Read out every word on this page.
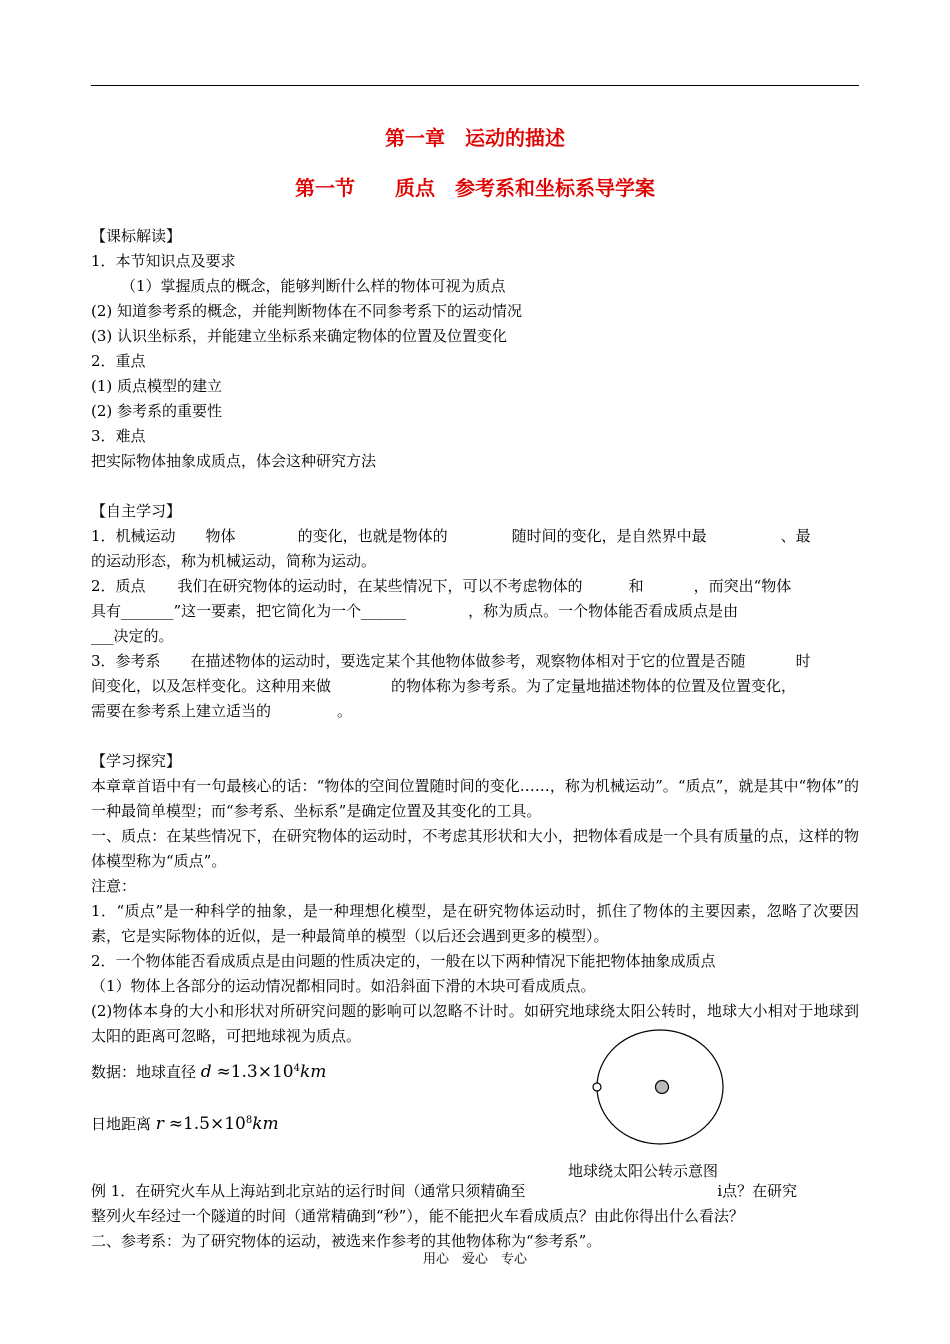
第一章　运动的描述
第一节　　质点　参考系和坐标系导学案
【课标解读】
1．本节知识点及要求
（1）掌握质点的概念，能够判断什么样的物体可视为质点
(2) 知道参考系的概念，并能判断物体在不同参考系下的运动情况
(3) 认识坐标系，并能建立坐标系来确定物体的位置及位置变化
2．重点
(1) 质点模型的建立
(2) 参考系的重要性
3．难点
把实际物体抽象成质点，体会这种研究方法
【自主学习】
1．机械运动 物体	的变化，也就是物体的	随时间的变化，是自然界中最	、最
的运动形态，称为机械运动，简称为运动。
2．质点 我们在研究物体的运动时，在某些情况下，可以不考虑物体的	和	，而突出“物体
具有_______”这一要素，把它简化为一个______	，称为质点。一个物体能否看成质点是由
___决定的。
3．参考系 在描述物体的运动时，要选定某个其他物体做参考，观察物体相对于它的位置是否随	时
间变化，以及怎样变化。这种用来做	的物体称为参考系。为了定量地描述物体的位置及位置变化，
需要在参考系上建立适当的	。
【学习探究】
本章章首语中有一句最核心的话：“物体的空间位置随时间的变化……，称为机械运动”。“质点”，就是其中“物体”的一种最简单模型；而“参考系、坐标系”是确定位置及其变化的工具。
一、质点：在某些情况下，在研究物体的运动时，不考虑其形状和大小，把物体看成是一个具有质量的点，这样的物体模型称为“质点”。
注意：
1．“质点”是一种科学的抽象，是一种理想化模型，是在研究物体运动时，抓住了物体的主要因素，忽略了次要因素，它是实际物体的近似，是一种最简单的模型（以后还会遇到更多的模型）。
2．一个物体能否看成质点是由问题的性质决定的，一般在以下两种情况下能把物体抽象成质点
（1）物体上各部分的运动情况都相同时。如沿斜面下滑的木块可看成质点。
(2)物体本身的大小和形状对所研究问题的影响可以忽略不计时。如研究地球绕太阳公转时，地球大小相对于地球到太阳的距离可忽略，可把地球视为质点。
数据：地球直径 $d \approx 1.3\times 10^4km$
日地距离 $r \approx 1.5\times 10^8km$
例 1．在研究火车从上海站到北京站的运行时间（通常只须精确至	i点？在研究
整列火车经过一个隧道的时间（通常精确到“秒”），能不能把火车看成质点？由此你得出什么看法？
二、参考系：为了研究物体的运动，被选来作参考的其他物体称为“参考系”。
地球绕太阳公转示意图
用心　爱心　专心
